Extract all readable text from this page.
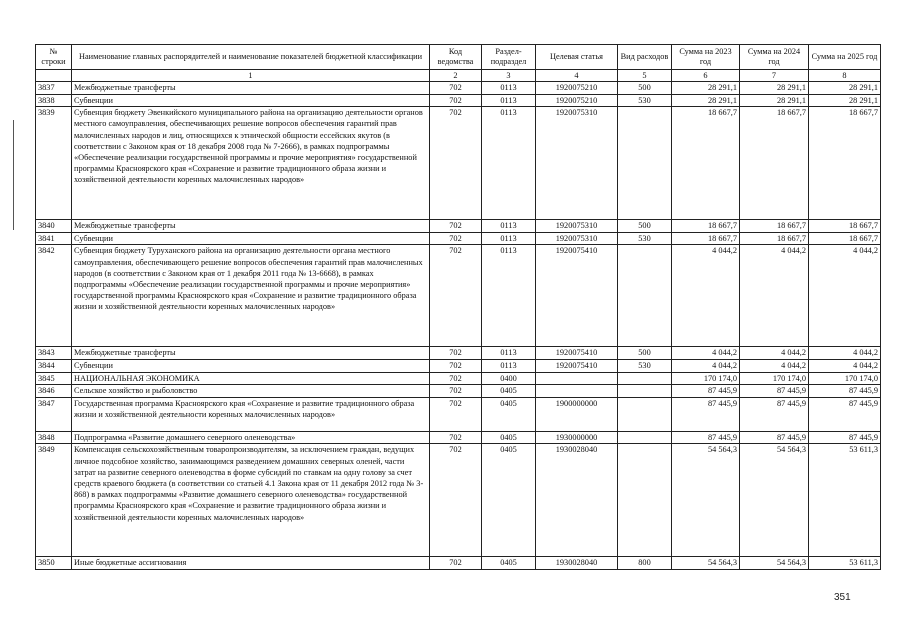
№ строки	Наименование главных распорядителей и наименование показателей бюджетной классификации	Код ведомства	Раздел-подраздел	Целевая статья	Вид расходов	Сумма на 2023 год	Сумма на 2024 год	Сумма на 2025 год
	1	2	3	4	5	6	7	8
3837	Межбюджетные трансферты	702	0113	1920075210	500	28 291,1	28 291,1	28 291,1
3838	Субвенции	702	0113	1920075210	530	28 291,1	28 291,1	28 291,1
3839	Субвенция бюджету Эвенкийского муниципального района на организацию деятельности органов местного самоуправления, обеспечивающих решение вопросов обеспечения гарантий прав малочисленных народов и лиц, относящихся к этнической общности ессейских якутов (в соответствии с Законом края от 18 декабря 2008 года № 7-2666), в рамках подпрограммы «Обеспечение реализации государственной программы и прочие мероприятия» государственной программы Красноярского края «Сохранение и развитие традиционного образа жизни и хозяйственной деятельности коренных малочисленных народов»	702	0113	1920075310		18 667,7	18 667,7	18 667,7
3840	Межбюджетные трансферты	702	0113	1920075310	500	18 667,7	18 667,7	18 667,7
3841	Субвенции	702	0113	1920075310	530	18 667,7	18 667,7	18 667,7
3842	Субвенция бюджету Туруханского района на организацию деятельности органа местного самоуправления, обеспечивающего решение вопросов обеспечения гарантий прав малочисленных народов (в соответствии с Законом края от 1 декабря 2011 года № 13-6668), в рамках подпрограммы «Обеспечение реализации государственной программы и прочие мероприятия» государственной программы Красноярского края «Сохранение и развитие традиционного образа жизни и хозяйственной деятельности коренных малочисленных народов»	702	0113	1920075410		4 044,2	4 044,2	4 044,2
3843	Межбюджетные трансферты	702	0113	1920075410	500	4 044,2	4 044,2	4 044,2
3844	Субвенции	702	0113	1920075410	530	4 044,2	4 044,2	4 044,2
3845	НАЦИОНАЛЬНАЯ ЭКОНОМИКА	702	0400			170 174,0	170 174,0	170 174,0
3846	Сельское хозяйство и рыболовство	702	0405			87 445,9	87 445,9	87 445,9
3847	Государственная программа Красноярского края «Сохранение и развитие традиционного образа жизни и хозяйственной деятельности коренных малочисленных народов»	702	0405	1900000000		87 445,9	87 445,9	87 445,9
3848	Подпрограмма «Развитие домашнего северного оленеводства»	702	0405	1930000000		87 445,9	87 445,9	87 445,9
3849	Компенсация сельскохозяйственным товаропроизводителям, за исключением граждан, ведущих личное подсобное хозяйство, занимающимся разведением домашних северных оленей, части затрат на развитие северного оленеводства в форме субсидий по ставкам на одну голову за счет средств краевого бюджета (в соответствии со статьей 4.1 Закона края от 11 декабря 2012 года № 3-868) в рамках подпрограммы «Развитие домашнего северного оленеводства» государственной программы Красноярского края «Сохранение и развитие традиционного образа жизни и хозяйственной деятельности коренных малочисленных народов»	702	0405	1930028040		54 564,3	54 564,3	53 611,3
3850	Иные бюджетные ассигнования	702	0405	1930028040	800	54 564,3	54 564,3	53 611,3
351
